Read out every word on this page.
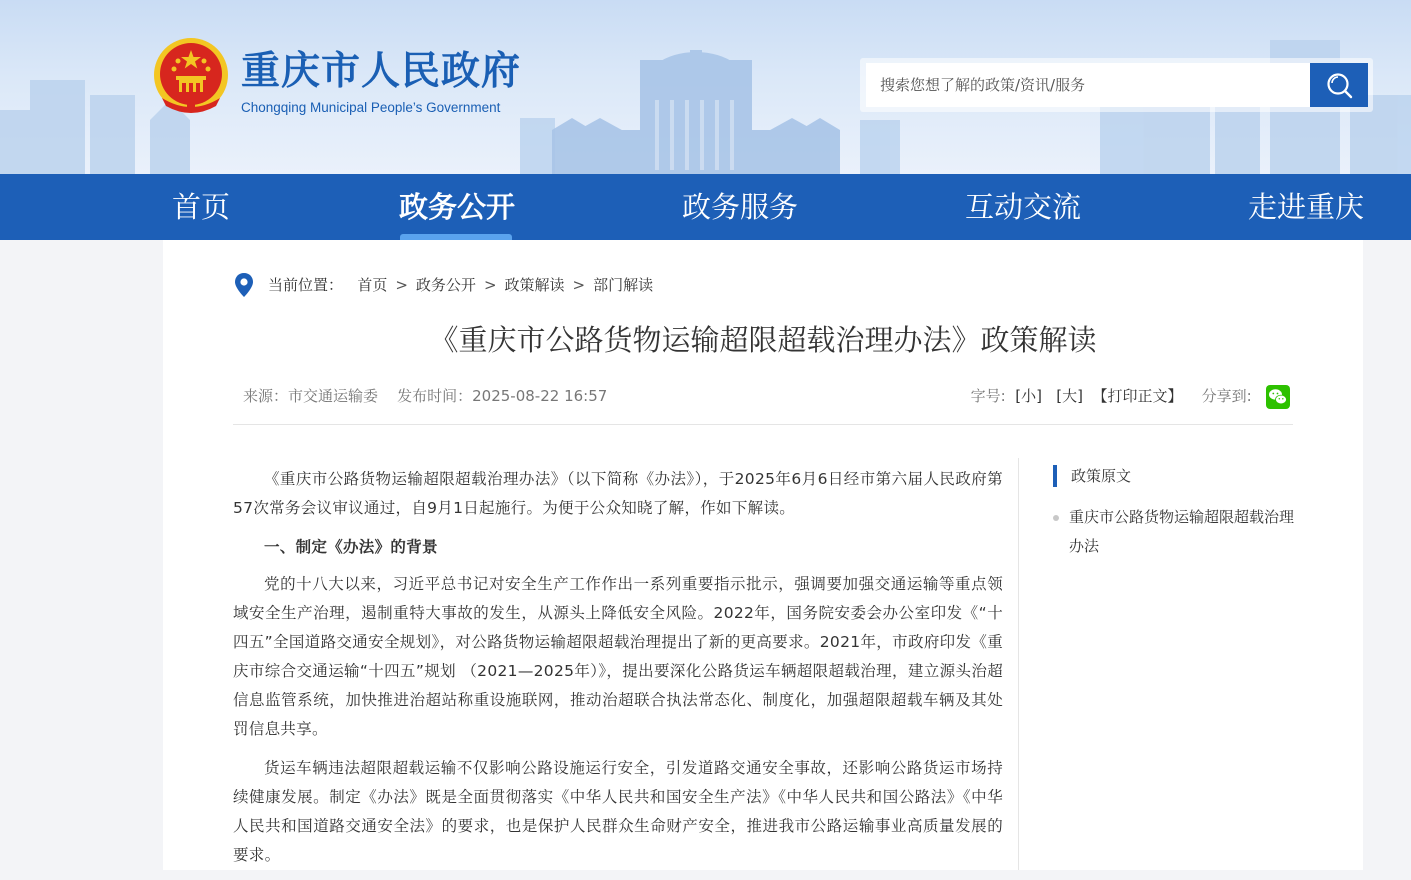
重庆市人民政府
Chongqing Municipal People’s Government
搜索您想了解的政策/资讯/服务
首页	政务公开	政务服务	互动交流	走进重庆
当前位置： 首页 > 政务公开 > 政策解读 > 部门解读
《重庆市公路货物运输超限超载治理办法》政策解读
来源：市交通运输委 发布时间：2025-08-22 16:57	字号: [小] [大] 【打印正文】 分享到:

《重庆市公路货物运输超限超载治理办法》（以下简称《办法》），于2025年6月6日经市第六届人民政府第57次常务会议审议通过，自9月1日起施行。为便于公众知晓了解，作如下解读。

一、制定《办法》的背景

党的十八大以来，习近平总书记对安全生产工作作出一系列重要指示批示，强调要加强交通运输等重点领域安全生产治理，遏制重特大事故的发生，从源头上降低安全风险。2022年，国务院安委会办公室印发《“十四五”全国道路交通安全规划》，对公路货物运输超限超载治理提出了新的更高要求。2021年，市政府印发《重庆市综合交通运输“十四五”规划 （2021—2025年）》，提出要深化公路货运车辆超限超载治理，建立源头治超信息监管系统，加快推进治超站称重设施联网，推动治超联合执法常态化、制度化，加强超限超载车辆及其处罚信息共享。

货运车辆违法超限超载运输不仅影响公路设施运行安全，引发道路交通安全事故，还影响公路货运市场持续健康发展。制定《办法》既是全面贯彻落实《中华人民共和国安全生产法》《中华人民共和国公路法》《中华人民共和国道路交通安全法》的要求，也是保护人民群众生命财产安全，推进我市公路运输事业高质量发展的要求。

政策原文
重庆市公路货物运输超限超载治理办法
